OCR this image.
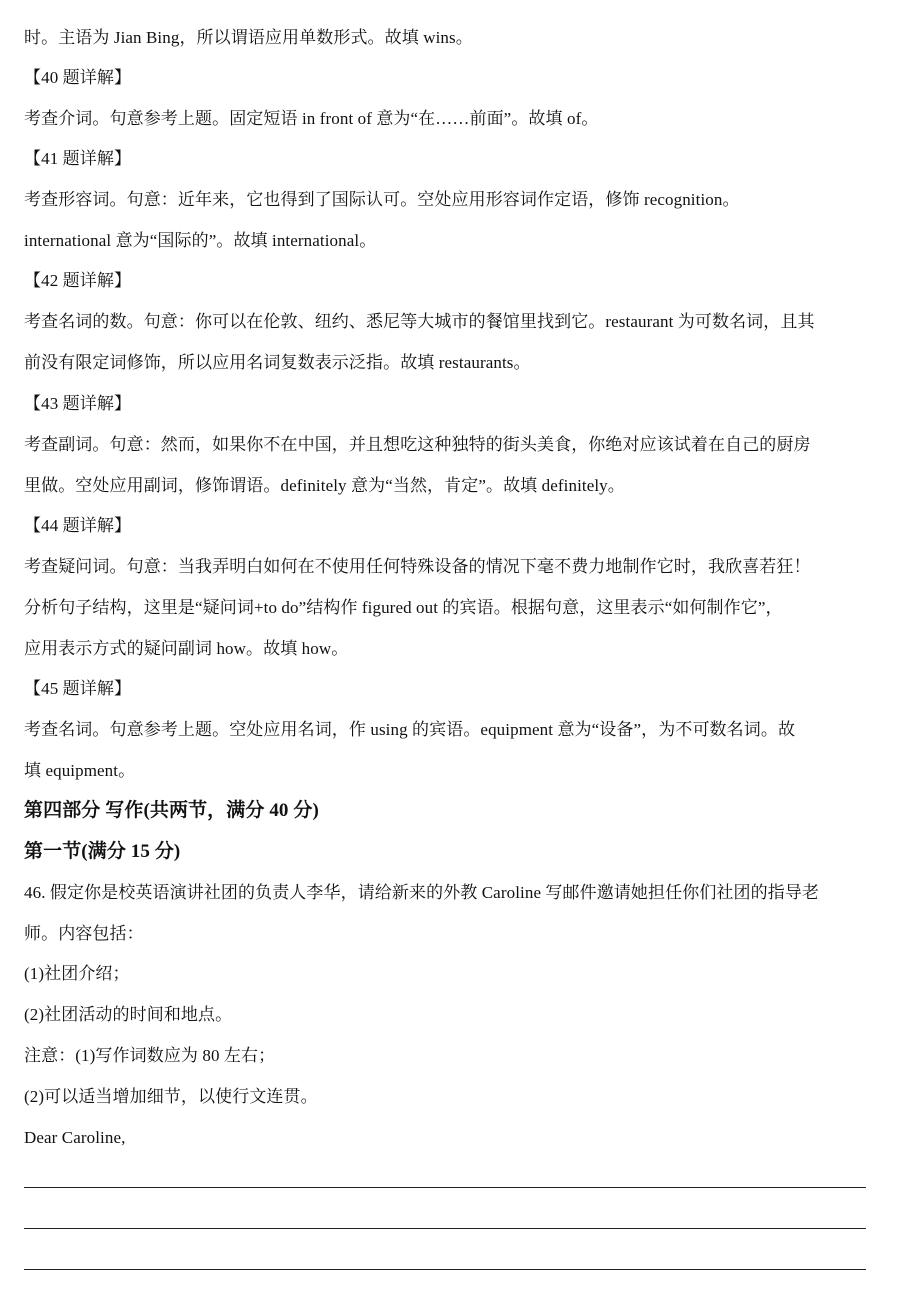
时。主语为 Jian Bing，所以谓语应用单数形式。故填 wins。
【40 题详解】
考查介词。句意参考上题。固定短语 in front of 意为“在……前面”。故填 of。
【41 题详解】
考查形容词。句意：近年来，它也得到了国际认可。空处应用形容词作定语，修饰 recognition。
international 意为“国际的”。故填 international。
【42 题详解】
考查名词的数。句意：你可以在伦敦、纽约、悉尼等大城市的餐馆里找到它。restaurant 为可数名词，且其
前没有限定词修饰，所以应用名词复数表示泛指。故填 restaurants。
【43 题详解】
考查副词。句意：然而，如果你不在中国，并且想吃这种独特的街头美食，你绝对应该试着在自己的厨房
里做。空处应用副词，修饰谓语。definitely 意为“当然，肯定”。故填 definitely。
【44 题详解】
考查疑问词。句意：当我弄明白如何在不使用任何特殊设备的情况下毫不费力地制作它时，我欣喜若狂！
分析句子结构，这里是“疑问词+to do”结构作 figured out 的宾语。根据句意，这里表示“如何制作它”，
应用表示方式的疑问副词 how。故填 how。
【45 题详解】
考查名词。句意参考上题。空处应用名词，作 using 的宾语。equipment 意为“设备”，为不可数名词。故
填 equipment。
第四部分 写作(共两节，满分 40 分)
第一节(满分 15 分)
46. 假定你是校英语演讲社团的负责人李华，请给新来的外教 Caroline 写邮件邀请她担任你们社团的指导老
师。内容包括：
(1)社团介绍；
(2)社团活动的时间和地点。
注意：(1)写作词数应为 80 左右；
(2)可以适当增加细节，以使行文连贯。
Dear Caroline,
